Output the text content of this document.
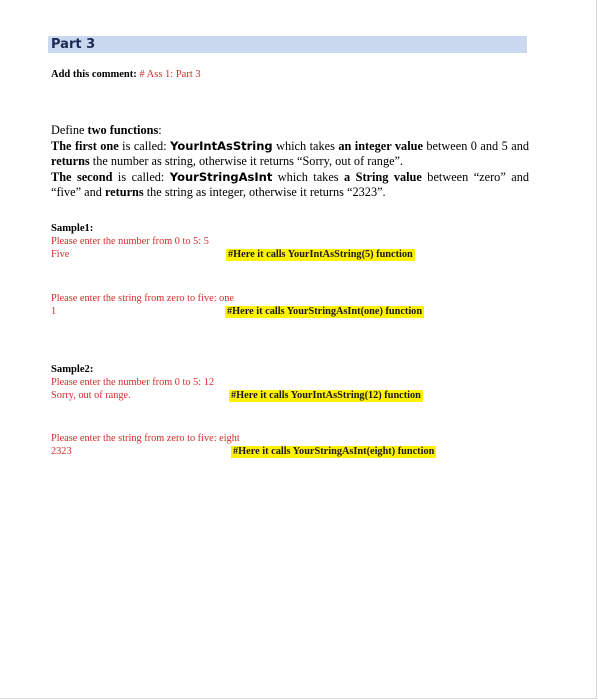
Part 3
Add this comment: # Ass 1: Part 3

Define two functions:

The first one is called: YourIntAsString which takes an integer value between 0 and 5 and returns the number as string, otherwise it returns “Sorry, out of range”.

The second is called: YourStringAsInt which takes a String value between “zero” and “five” and returns the string as integer, otherwise it returns “2323”.

Sample1:
Please enter the number from 0 to 5: 5
Five	#Here it calls YourIntAsString(5) function
Please enter the string from zero to five: one
1	#Here it calls YourStringAsInt(one) function
Sample2:
Please enter the number from 0 to 5: 12
Sorry, out of range.	#Here it calls YourIntAsString(12) function
Please enter the string from zero to five: eight
2323	#Here it calls YourStringAsInt(eight) function
